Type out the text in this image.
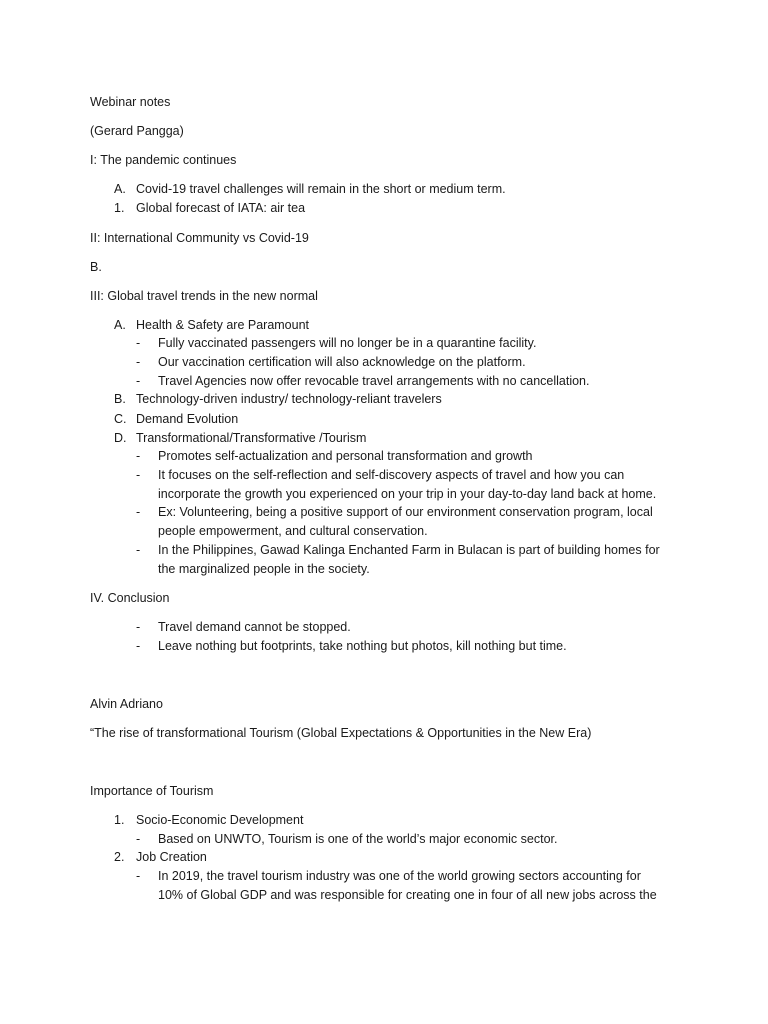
Webinar notes
(Gerard Pangga)
I: The pandemic continues
A. Covid-19 travel challenges will remain in the short or medium term.
1. Global forecast of IATA: air tea
II: International Community vs Covid-19
B.
III: Global travel trends in the new normal
A. Health & Safety are Paramount
- Fully vaccinated passengers will no longer be in a quarantine facility.
- Our vaccination certification will also acknowledge on the platform.
- Travel Agencies now offer revocable travel arrangements with no cancellation.
B. Technology-driven industry/ technology-reliant travelers
C. Demand Evolution
D. Transformational/Transformative /Tourism
- Promotes self-actualization and personal transformation and growth
- It focuses on the self-reflection and self-discovery aspects of travel and how you can
incorporate the growth you experienced on your trip in your day-to-day land back at home.
- Ex: Volunteering, being a positive support of our environment conservation program, local
people empowerment, and cultural conservation.
- In the Philippines, Gawad Kalinga Enchanted Farm in Bulacan is part of building homes for
the marginalized people in the society.
IV. Conclusion
- Travel demand cannot be stopped.
- Leave nothing but footprints, take nothing but photos, kill nothing but time.
Alvin Adriano
“The rise of transformational Tourism (Global Expectations & Opportunities in the New Era)
Importance of Tourism
1. Socio-Economic Development
- Based on UNWTO, Tourism is one of the world’s major economic sector.
2. Job Creation
- In 2019, the travel tourism industry was one of the world growing sectors accounting for
10% of Global GDP and was responsible for creating one in four of all new jobs across the
